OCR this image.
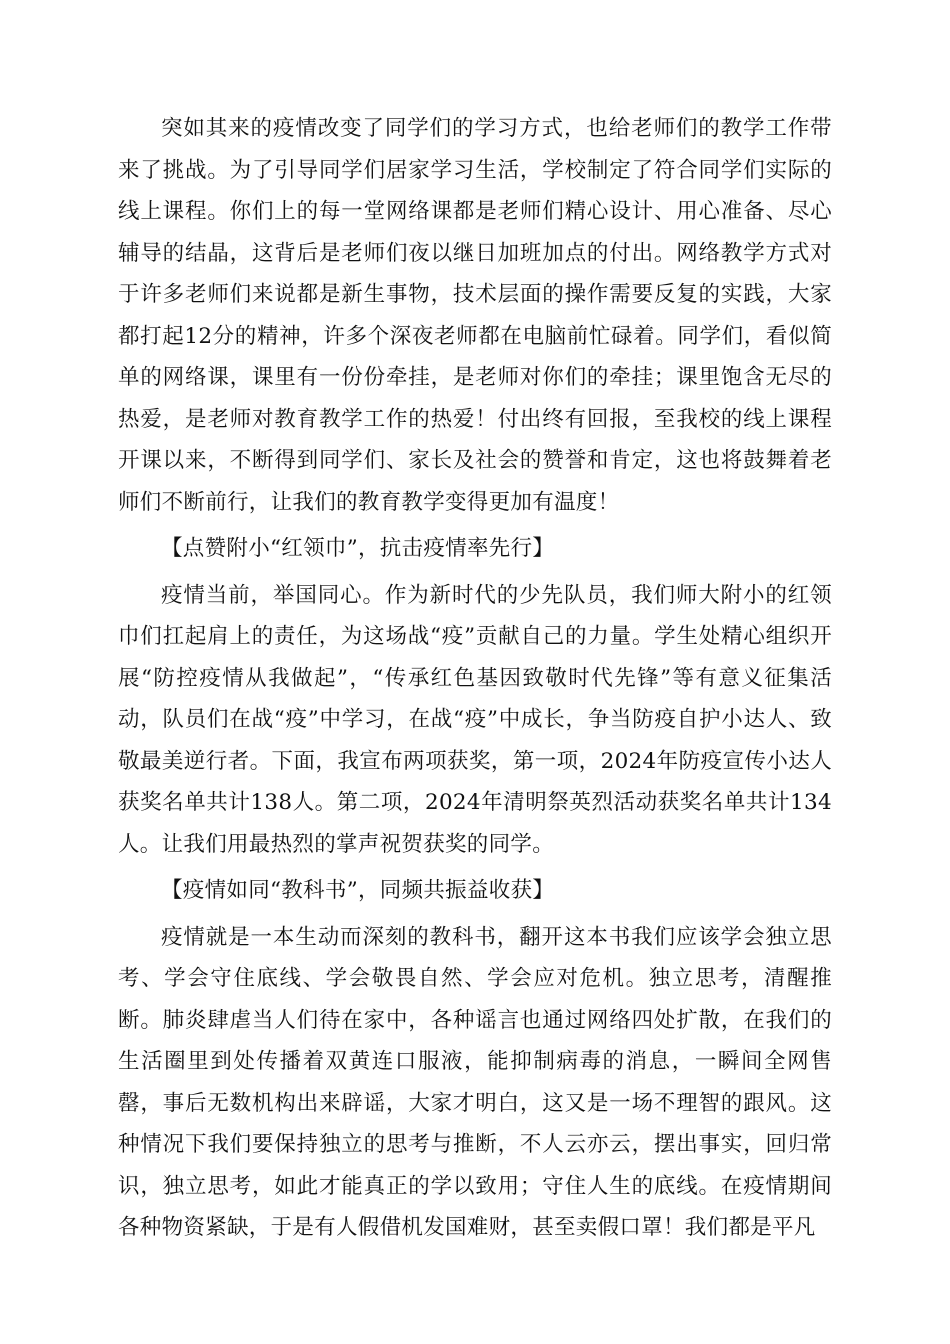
突如其来的疫情改变了同学们的学习方式，也给老师们的教学工作带来了挑战。为了引导同学们居家学习生活，学校制定了符合同学们实际的线上课程。你们上的每一堂网络课都是老师们精心设计、用心准备、尽心辅导的结晶，这背后是老师们夜以继日加班加点的付出。网络教学方式对于许多老师们来说都是新生事物，技术层面的操作需要反复的实践，大家都打起12分的精神，许多个深夜老师都在电脑前忙碌着。同学们，看似简单的网络课，课里有一份份牵挂，是老师对你们的牵挂；课里饱含无尽的热爱，是老师对教育教学工作的热爱！付出终有回报，至我校的线上课程开课以来，不断得到同学们、家长及社会的赞誉和肯定，这也将鼓舞着老师们不断前行，让我们的教育教学变得更加有温度！

【点赞附小“红领巾”，抗击疫情率先行】

疫情当前，举国同心。作为新时代的少先队员，我们师大附小的红领巾们扛起肩上的责任，为这场战“疫”贡献自己的力量。学生处精心组织开展“防控疫情从我做起”，“传承红色基因致敬时代先锋”等有意义征集活动，队员们在战“疫”中学习，在战“疫”中成长，争当防疫自护小达人、致敬最美逆行者。下面，我宣布两项获奖，第一项，2024年防疫宣传小达人获奖名单共计138人。第二项，2024年清明祭英烈活动获奖名单共计134人。让我们用最热烈的掌声祝贺获奖的同学。

【疫情如同“教科书”，同频共振益收获】

疫情就是一本生动而深刻的教科书，翻开这本书我们应该学会独立思考、学会守住底线、学会敬畏自然、学会应对危机。独立思考，清醒推断。肺炎肆虐当人们待在家中，各种谣言也通过网络四处扩散，在我们的生活圈里到处传播着双黄连口服液，能抑制病毒的消息，一瞬间全网售罄，事后无数机构出来辟谣，大家才明白，这又是一场不理智的跟风。这种情况下我们要保持独立的思考与推断，不人云亦云，摆出事实，回归常识，独立思考，如此才能真正的学以致用；守住人生的底线。在疫情期间各种物资紧缺，于是有人假借机发国难财，甚至卖假口罩！我们都是平凡
